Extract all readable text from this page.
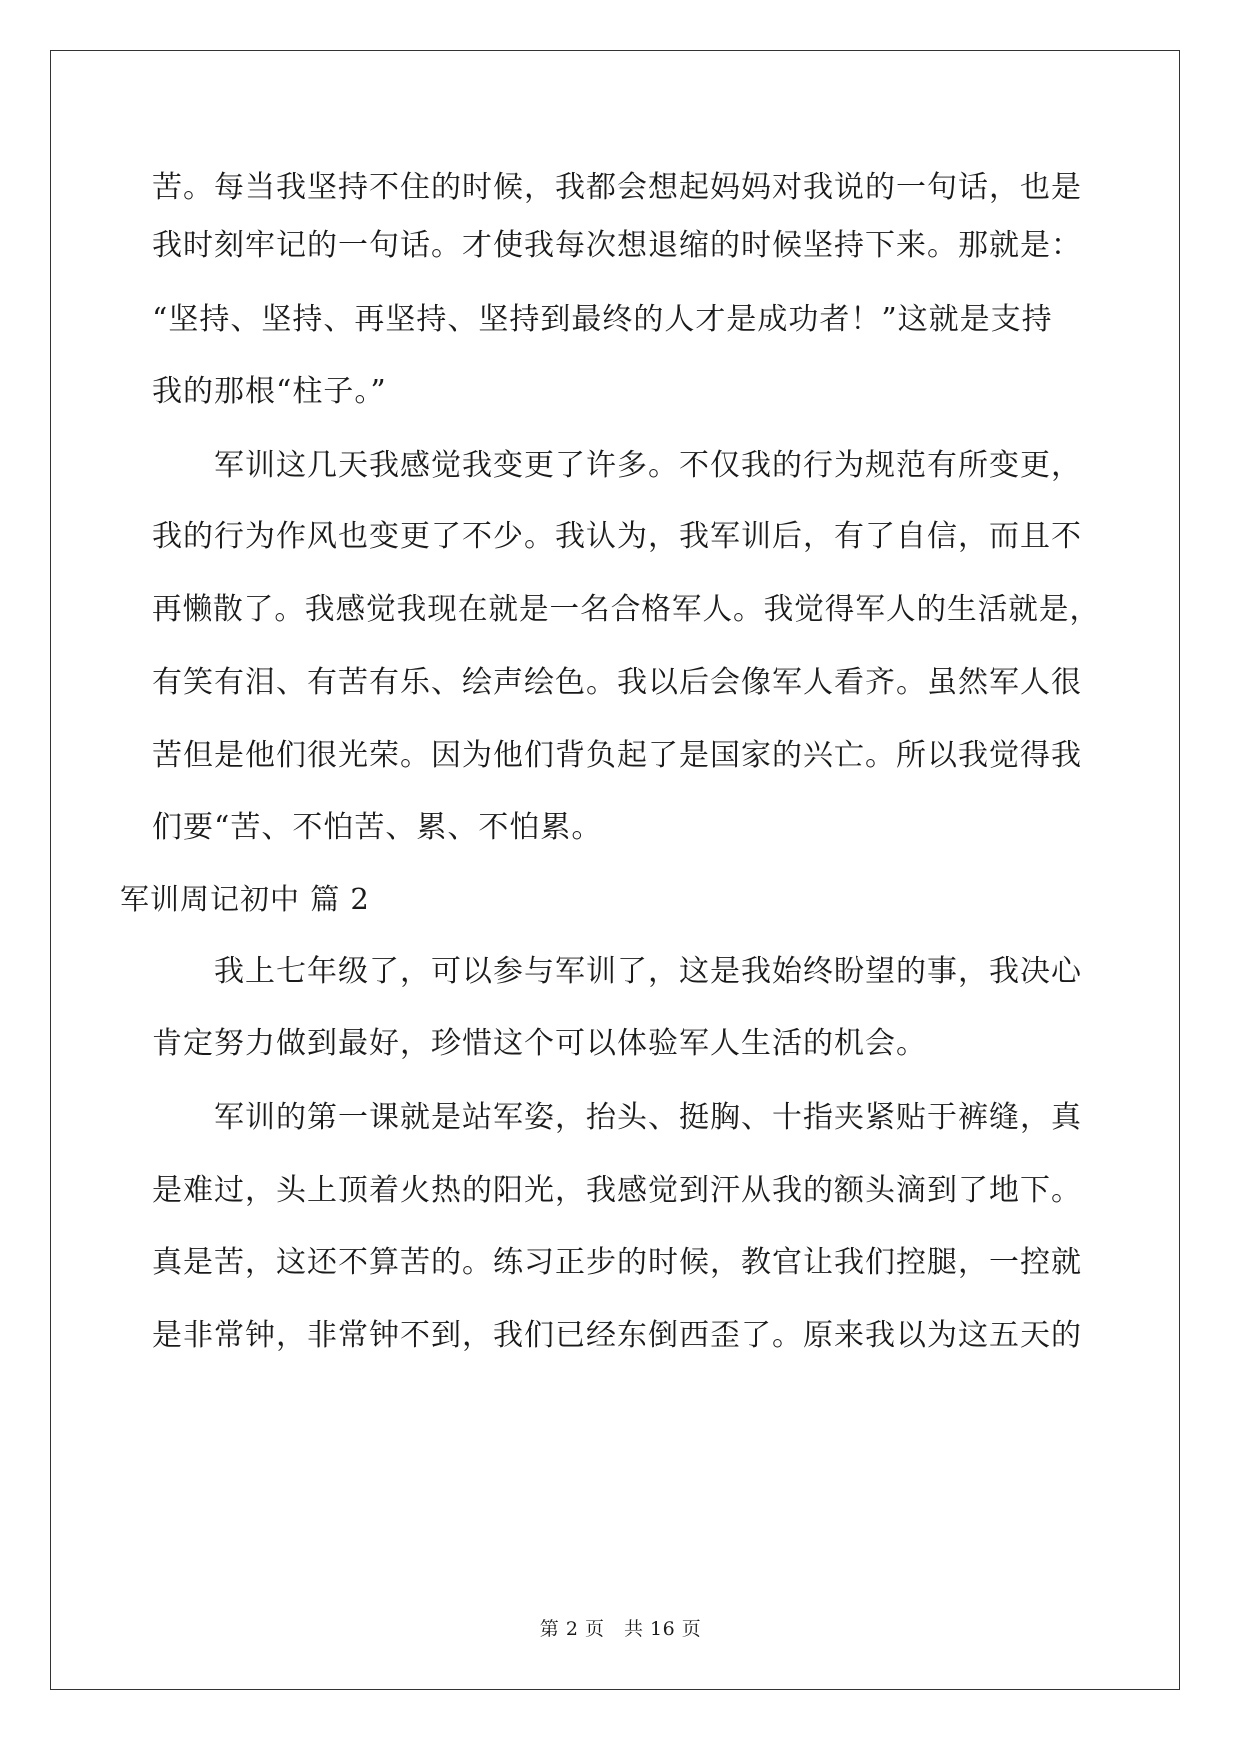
苦。每当我坚持不住的时候，我都会想起妈妈对我说的一句话，也是
我时刻牢记的一句话。才使我每次想退缩的时候坚持下来。那就是：
“坚持、坚持、再坚持、坚持到最终的人才是成功者！”这就是支持
我的那根“柱子。”
　　军训这几天我感觉我变更了许多。不仅我的行为规范有所变更，
我的行为作风也变更了不少。我认为，我军训后，有了自信，而且不
再懒散了。我感觉我现在就是一名合格军人。我觉得军人的生活就是，
有笑有泪、有苦有乐、绘声绘色。我以后会像军人看齐。虽然军人很
苦但是他们很光荣。因为他们背负起了是国家的兴亡。所以我觉得我
们要“苦、不怕苦、累、不怕累。
军训周记初中 篇 2
　　我上七年级了，可以参与军训了，这是我始终盼望的事，我决心
肯定努力做到最好，珍惜这个可以体验军人生活的机会。
　　军训的第一课就是站军姿，抬头、挺胸、十指夹紧贴于裤缝，真
是难过，头上顶着火热的阳光，我感觉到汗从我的额头滴到了地下。
真是苦，这还不算苦的。练习正步的时候，教官让我们控腿，一控就
是非常钟，非常钟不到，我们已经东倒西歪了。原来我以为这五天的
第 2 页　共 16 页
